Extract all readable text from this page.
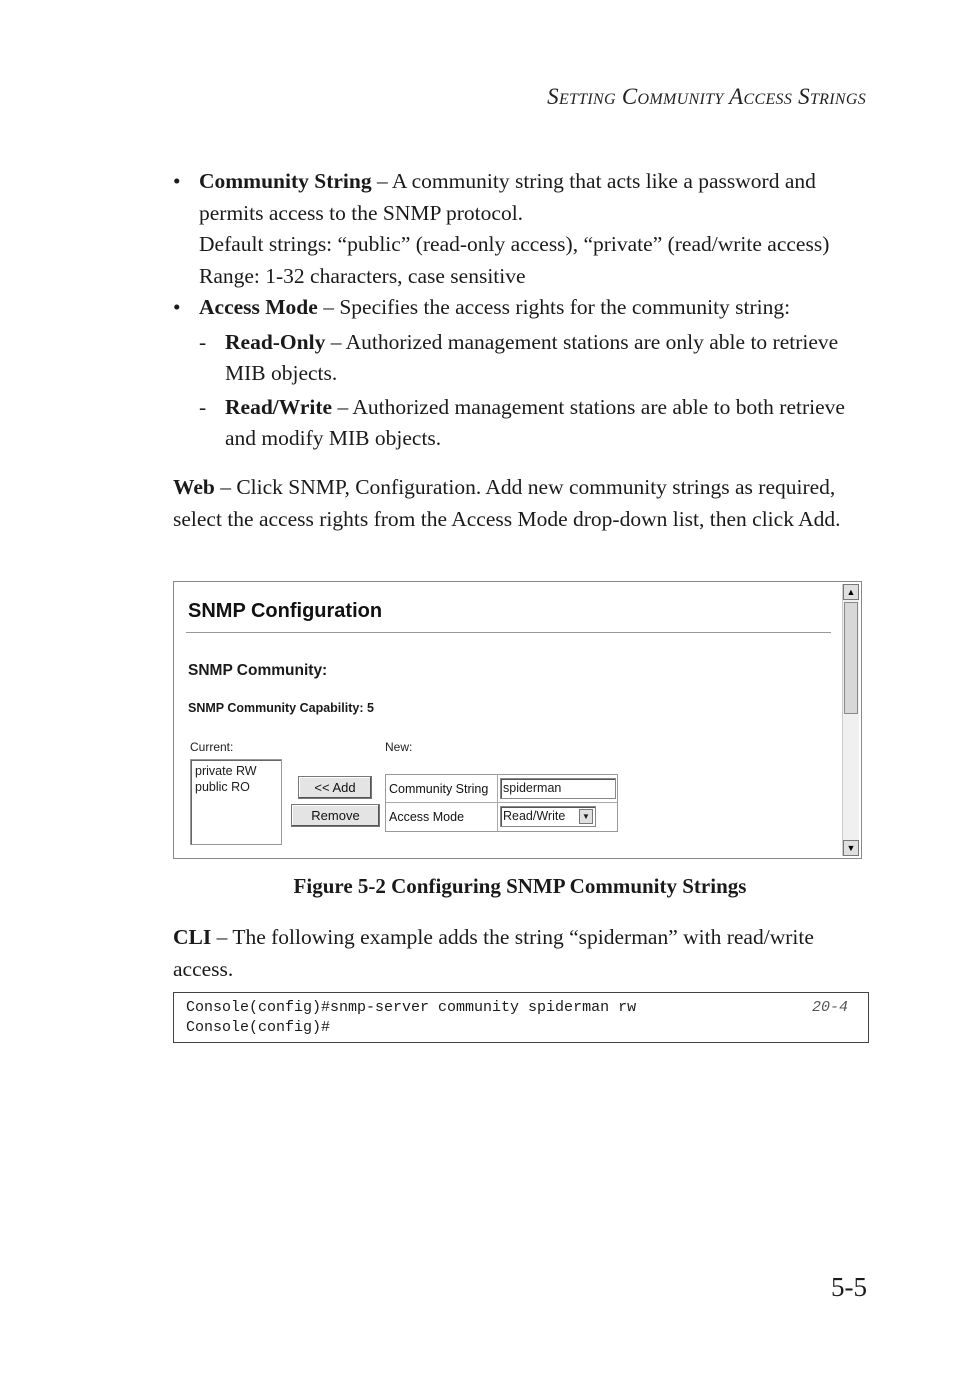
Setting Community Access Strings
• Community String – A community string that acts like a password and permits access to the SNMP protocol.
Default strings: “public” (read-only access), “private” (read/write access)
Range: 1-32 characters, case sensitive
• Access Mode – Specifies the access rights for the community string:
- Read-Only – Authorized management stations are only able to retrieve MIB objects.
- Read/Write – Authorized management stations are able to both retrieve and modify MIB objects.
Web – Click SNMP, Configuration. Add new community strings as required, select the access rights from the Access Mode drop-down list, then click Add.
SNMP Configuration
SNMP Community:
SNMP Community Capability: 5
Current:	New:
private RW
public RO	<< Add
Remove
Community String spiderman
Access Mode	Read/Write	▼
▲
▼
Figure 5-2 Configuring SNMP Community Strings
CLI – The following example adds the string “spiderman” with read/write access.
Console(config)#snmp-server community spiderman rw	20-4
Console(config)#
5-5
